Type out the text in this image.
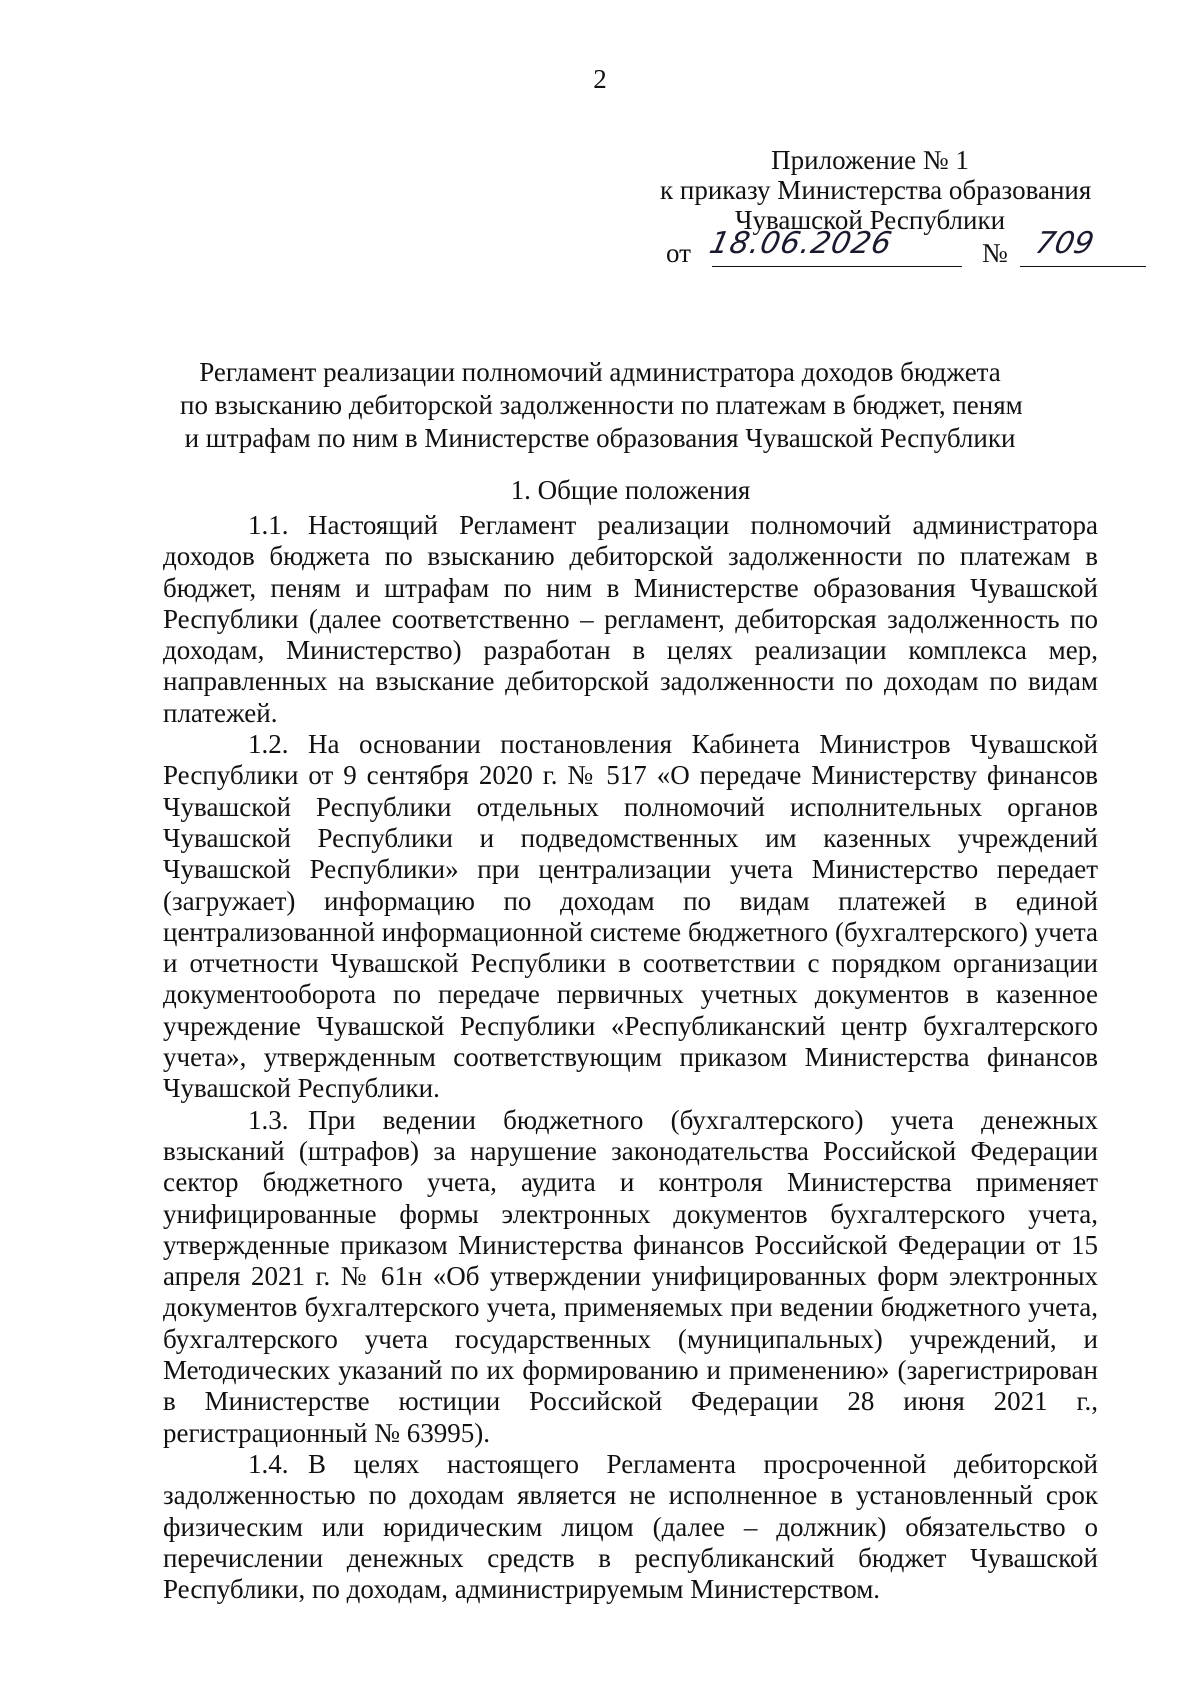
2
Приложение № 1
к приказу Министерства образования
Чувашской Республики
от 18.06.2026	№ 709
Регламент реализации полномочий администратора доходов бюджета
по взысканию дебиторской задолженности по платежам в бюджет, пеням
и штрафам по ним в Министерстве образования Чувашской Республики
1. Общие положения

1.1. Настоящий Регламент реализации полномочий администратора доходов бюджета по взысканию дебиторской задолженности по платежам в бюджет, пеням и штрафам по ним в Министерстве образования Чувашской Республики (далее соответственно – регламент, дебиторская задолженность по доходам, Министерство) разработан в целях реализации комплекса мер, направленных на взыскание дебиторской задолженности по доходам по видам платежей.

1.2. На основании постановления Кабинета Министров Чувашской Республики от 9 сентября 2020 г. № 517 «О передаче Министерству финансов Чувашской Республики отдельных полномочий исполнительных органов Чувашской Республики и подведомственных им казенных учреждений Чувашской Республики» при централизации учета Министерство передает (загружает) информацию по доходам по видам платежей в единой централизованной информационной системе бюджетного (бухгалтерского) учета и отчетности Чувашской Республики в соответствии с порядком организации документооборота по передаче первичных учетных документов в казенное учреждение Чувашской Республики «Республиканский центр бухгалтерского учета», утвержденным соответствующим приказом Министерства финансов Чувашской Республики.

1.3. При ведении бюджетного (бухгалтерского) учета денежных взысканий (штрафов) за нарушение законодательства Российской Федерации сектор бюджетного учета, аудита и контроля Министерства применяет унифицированные формы электронных документов бухгалтерского учета, утвержденные приказом Министерства финансов Российской Федерации от 15 апреля 2021 г. № 61н «Об утверждении унифицированных форм электронных документов бухгалтерского учета, применяемых при ведении бюджетного учета, бухгалтерского учета государственных (муниципальных) учреждений, и Методических указаний по их формированию и применению» (зарегистрирован в Министерстве юстиции Российской Федерации 28 июня 2021 г., регистрационный № 63995).

1.4. В целях настоящего Регламента просроченной дебиторской задолженностью по доходам является не исполненное в установленный срок физическим или юридическим лицом (далее – должник) обязательство о перечислении денежных средств в республиканский бюджет Чувашской Республики, по доходам, администрируемым Министерством.
